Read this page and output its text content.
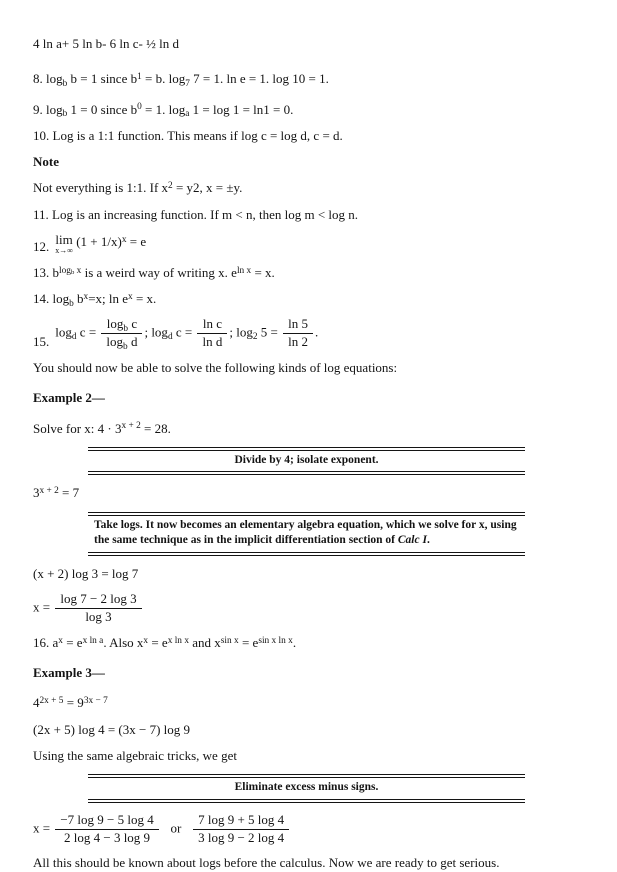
4 ln a+ 5 ln b- 6 ln c- ½ ln d
8. $\log_b b = 1$ since $b^1 = b$. $\log_7 7 = 1$. ln e = 1. log 10 = 1.
9. $\log_b 1 = 0$ since $b^0 = 1$. $\log_a 1 = \log 1 = \ln 1 = 0$.
10. Log is a 1:1 function. This means if log c = log d, c = d.
Note
Not everything is 1:1. If $x^2 = y2$, x = ±y.
11. Log is an increasing function. If m < n, then log m < log n.
12. lim
x→∞
$(1 + 1/x)^x = e$
13. $b^{log_b x}$ is a weird way of writing x. $e^{ln x} = x$.
14. $\log_b b^x=x$; $\ln e^x = x$.
15.
$\log_d c = \frac{\log_b c}{\log_b d}$ ; $\log_d c = \frac{\text{ln c}}{\text{ln d}}$ ; $\log_2 5 = \frac{\ln 5}{\ln 2}$ .
You should now be able to solve the following kinds of log equations:
Example 2—
Solve for x: $4 \cdot 3^{x + 2} = 28$.
Divide by 4; isolate exponent.
$3^{x + 2} = 7$
Take logs. It now becomes an elementary algebra equation, which we solve for x, using the same technique as in the implicit differentiation section of Calc I.
(x + 2) log 3 = log 7
$x = \frac{\log 7 - 2 \log 3}{\log 3}$
16. $a^x = e^{x ln a}$. Also $x^x = e^{x ln x}$ and $x^{sin x} = e^{sin x ln x}$.
Example 3—
$4^{2x + 5} = 9^{3x - 7}$
(2x + 5) log 4 = (3x − 7) log 9
Using the same algebraic tricks, we get
Eliminate excess minus signs.
$x = \frac{-7 \log 9 - 5 \log 4}{2 \log 4 - 3 \log 9}$ or $\frac{7 \log 9 + 5 \log 4}{3 \log 9 - 2 \log 4}$
All this should be known about logs before the calculus. Now we are ready to get serious.
